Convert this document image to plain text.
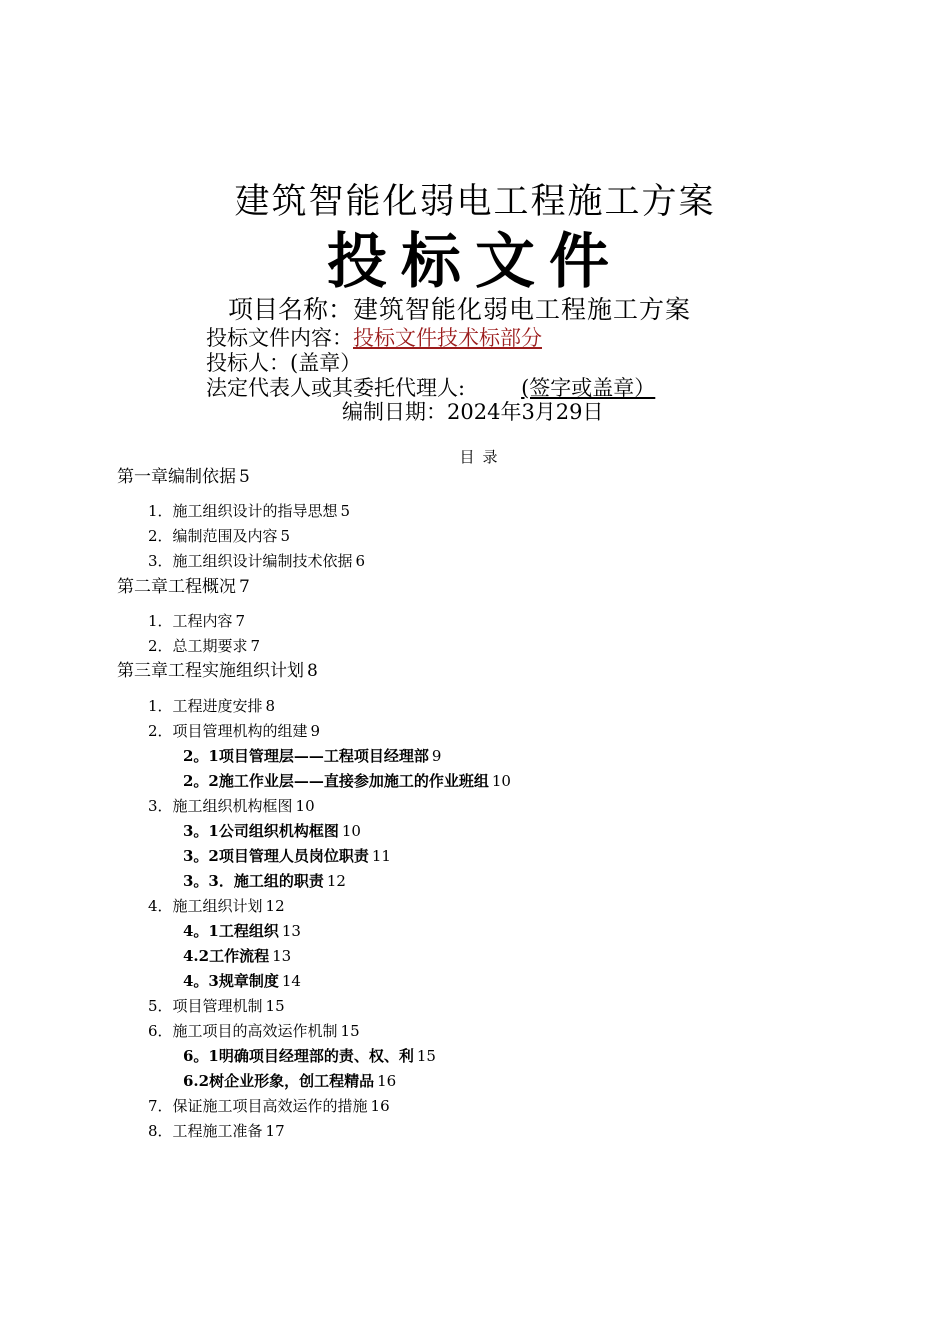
建筑智能化弱电工程施工方案
投标文件
项目名称：建筑智能化弱电工程施工方案
投标文件内容：投标文件技术标部分
投标人：(盖章）
法定代表人或其委托代理人:	(签字或盖章）
编制日期：2024年3月29日
目录
第一章编制依据 5
1．施工组织设计的指导思想 5
2．编制范围及内容 5
3．施工组织设计编制技术依据 6
第二章工程概况 7
1．工程内容 7
2．总工期要求 7
第三章工程实施组织计划 8
1．工程进度安排 8
2．项目管理机构的组建 9
2。1项目管理层——工程项目经理部 9
2。2施工作业层——直接参加施工的作业班组 10
3．施工组织机构框图 10
3。1公司组织机构框图 10
3。2项目管理人员岗位职责 11
3。3．施工组的职责 12
4．施工组织计划 12
4。1工程组织 13
4.2工作流程 13
4。3规章制度 14
5．项目管理机制 15
6．施工项目的高效运作机制 15
6。1明确项目经理部的责、权、利 15
6.2树企业形象，创工程精品 16
7．保证施工项目高效运作的措施 16
8．工程施工准备 17
